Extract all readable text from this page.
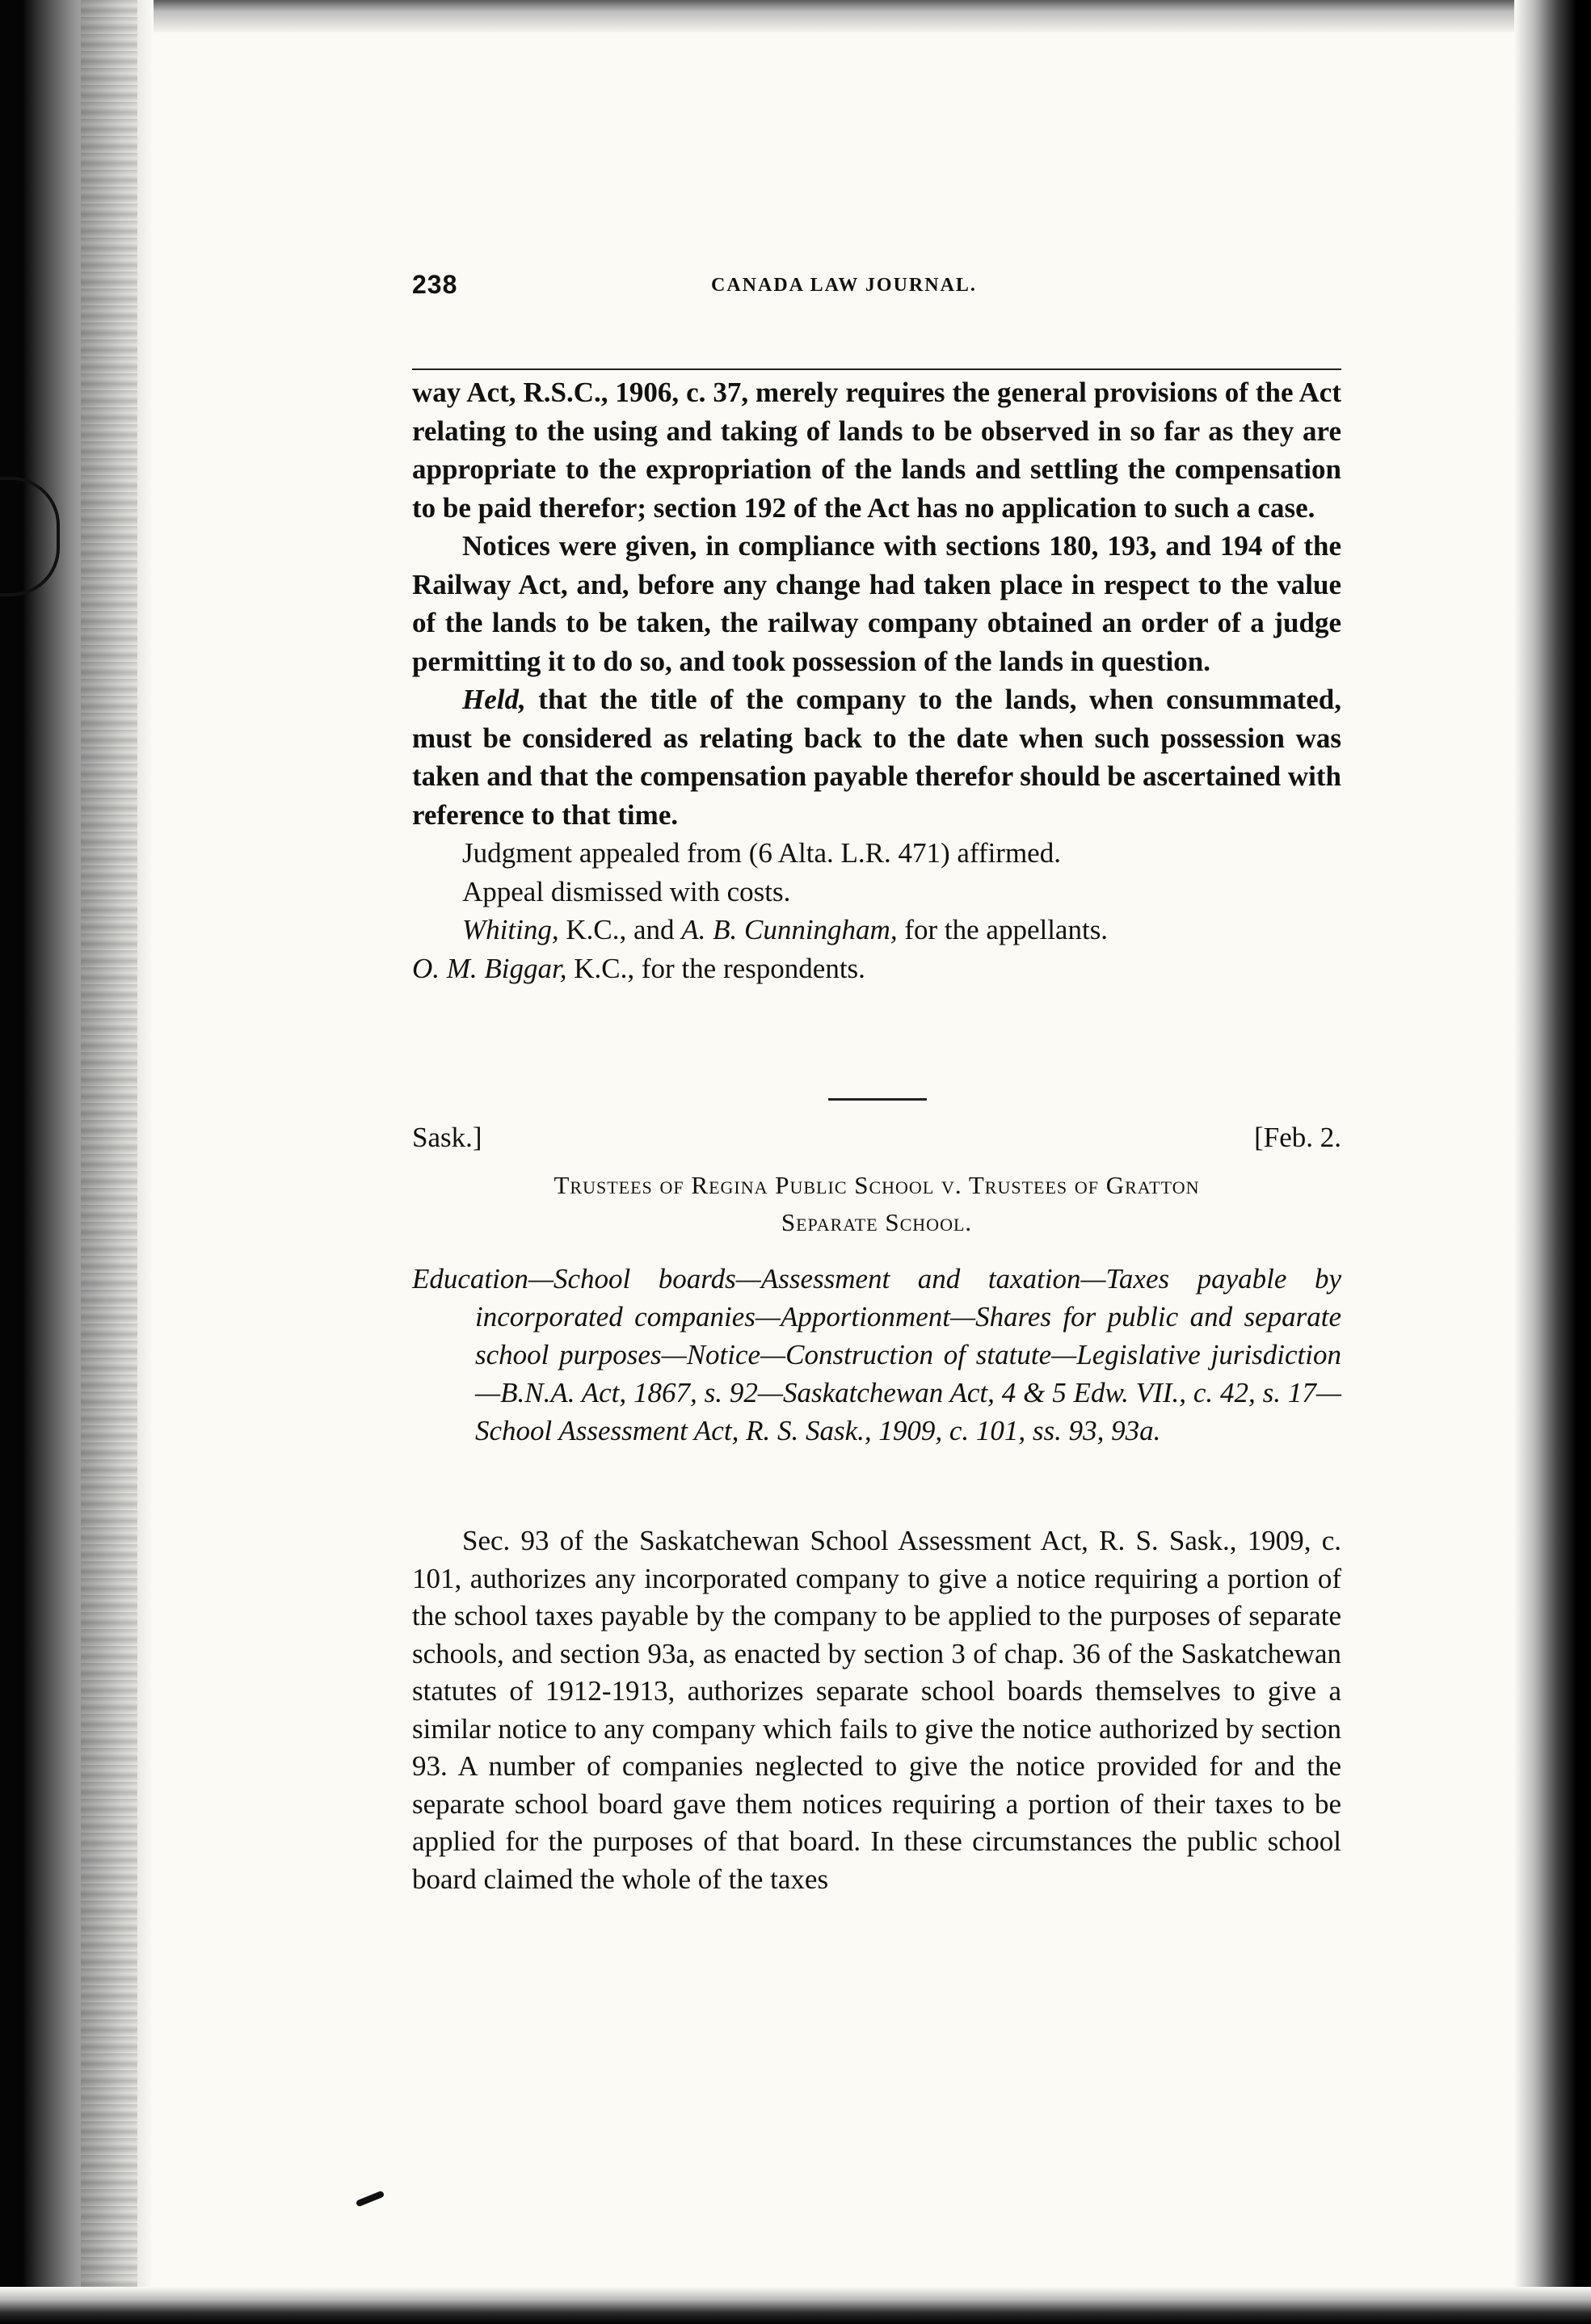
238	CANADA LAW JOURNAL.

way Act, R.S.C., 1906, c. 37, merely requires the general provisions of the Act relating to the using and taking of lands to be observed in so far as they are appropriate to the expropriation of the lands and settling the compensation to be paid therefor; section 192 of the Act has no application to such a case.

Notices were given, in compliance with sections 180, 193, and 194 of the Railway Act, and, before any change had taken place in respect to the value of the lands to be taken, the railway company obtained an order of a judge permitting it to do so, and took possession of the lands in question.

Held, that the title of the company to the lands, when consummated, must be considered as relating back to the date when such possession was taken and that the compensation payable therefor should be ascertained with reference to that time.

Judgment appealed from (6 Alta. L.R. 471) affirmed.

Appeal dismissed with costs.

Whiting, K.C., and A. B. Cunningham, for the appellants.

O. M. Biggar, K.C., for the respondents.

Sask.]	[Feb. 2.
Trustees of Regina Public School v. Trustees of Gratton
Separate School.
Education—School boards—Assessment and taxation—Taxes payable by incorporated companies—Apportionment—Shares for public and separate school purposes—Notice—Construction of statute—Legislative jurisdiction—B.N.A. Act, 1867, s. 92—Saskatchewan Act, 4 & 5 Edw. VII., c. 42, s. 17—School Assessment Act, R. S. Sask., 1909, c. 101, ss. 93, 93a.

Sec. 93 of the Saskatchewan School Assessment Act, R. S. Sask., 1909, c. 101, authorizes any incorporated company to give a notice requiring a portion of the school taxes payable by the company to be applied to the purposes of separate schools, and section 93a, as enacted by section 3 of chap. 36 of the Saskatchewan statutes of 1912-1913, authorizes separate school boards themselves to give a similar notice to any company which fails to give the notice authorized by section 93. A number of companies neglected to give the notice provided for and the separate school board gave them notices requiring a portion of their taxes to be applied for the purposes of that board. In these circumstances the public school board claimed the whole of the taxes
